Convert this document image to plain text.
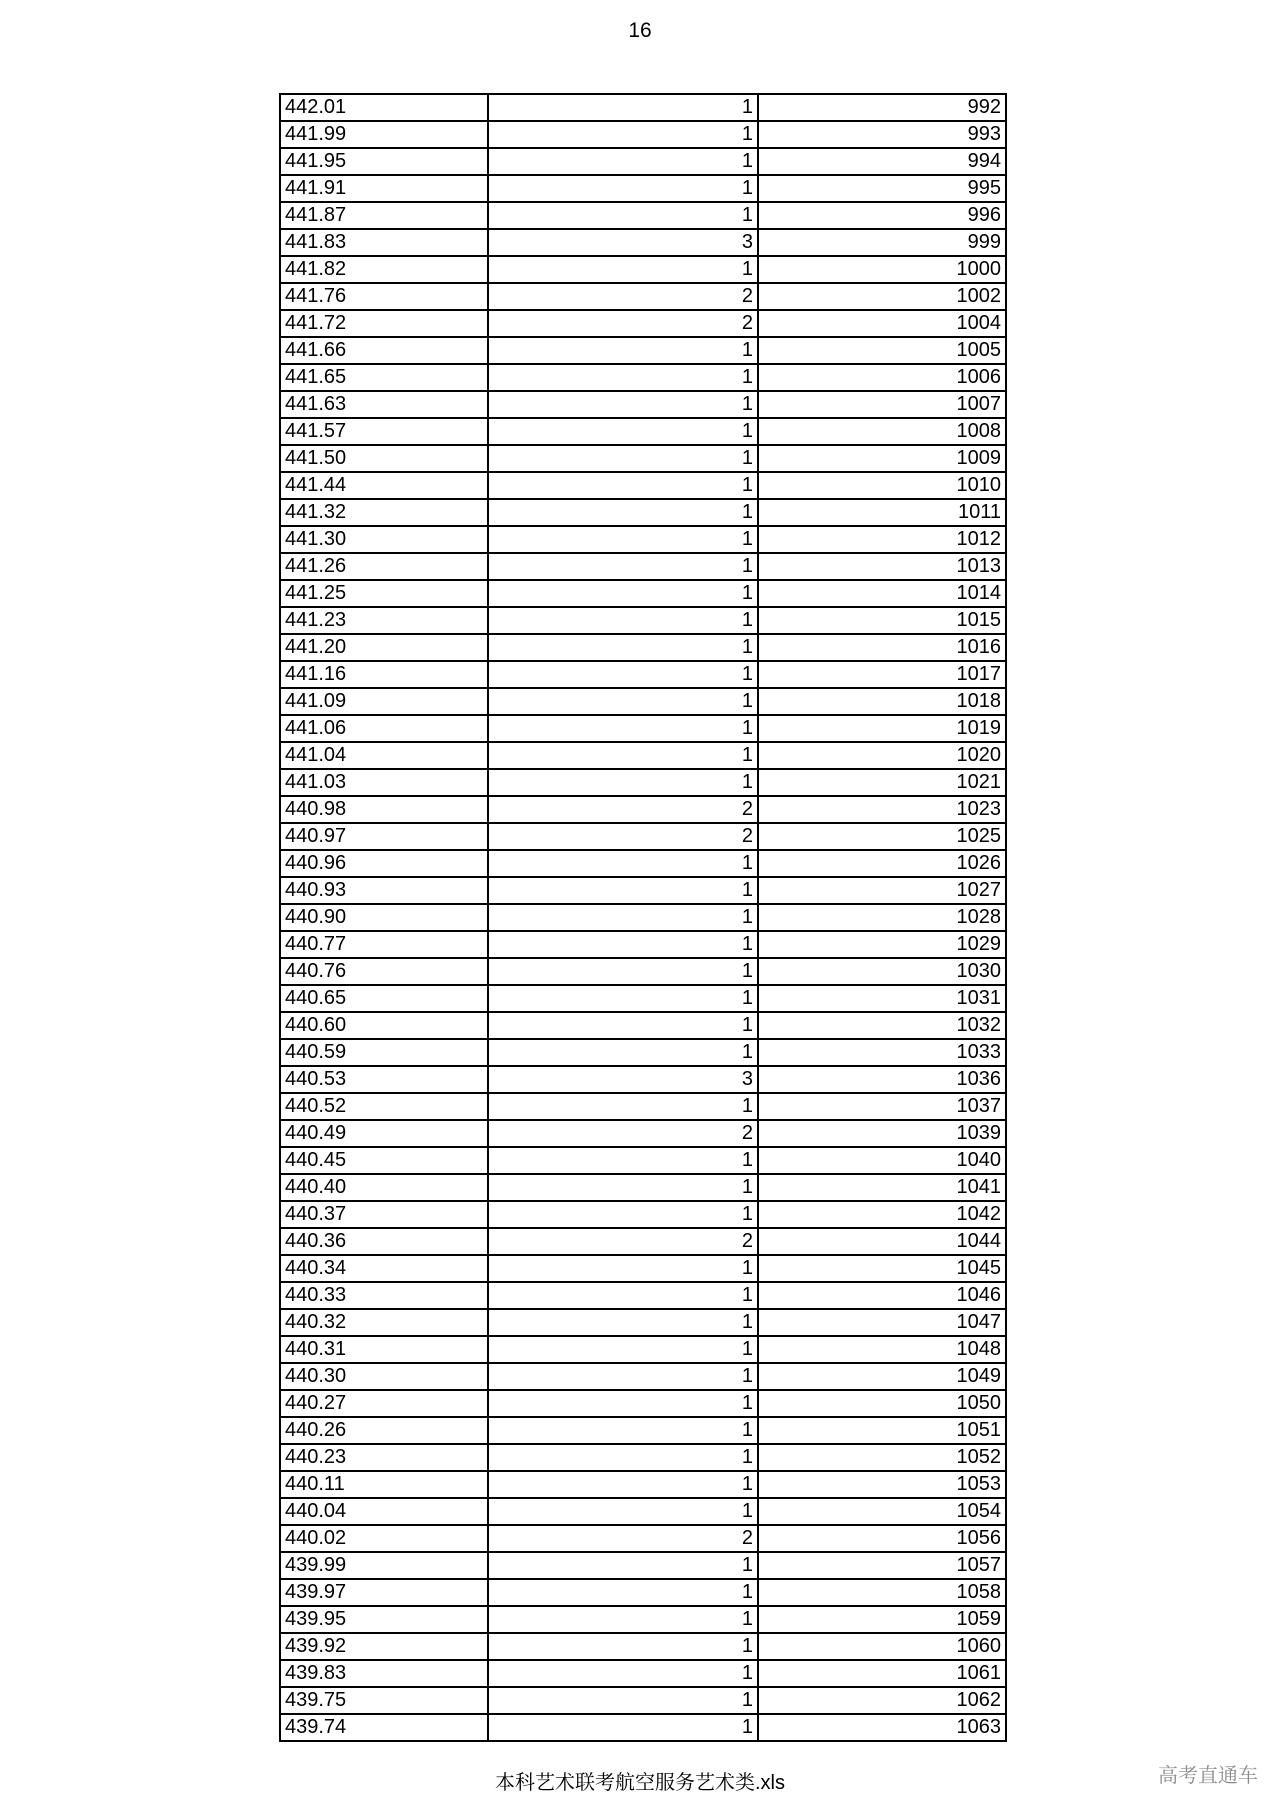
16
442.01	1	992
441.99	1	993
441.95	1	994
441.91	1	995
441.87	1	996
441.83	3	999
441.82	1	1000
441.76	2	1002
441.72	2	1004
441.66	1	1005
441.65	1	1006
441.63	1	1007
441.57	1	1008
441.50	1	1009
441.44	1	1010
441.32	1	1011
441.30	1	1012
441.26	1	1013
441.25	1	1014
441.23	1	1015
441.20	1	1016
441.16	1	1017
441.09	1	1018
441.06	1	1019
441.04	1	1020
441.03	1	1021
440.98	2	1023
440.97	2	1025
440.96	1	1026
440.93	1	1027
440.90	1	1028
440.77	1	1029
440.76	1	1030
440.65	1	1031
440.60	1	1032
440.59	1	1033
440.53	3	1036
440.52	1	1037
440.49	2	1039
440.45	1	1040
440.40	1	1041
440.37	1	1042
440.36	2	1044
440.34	1	1045
440.33	1	1046
440.32	1	1047
440.31	1	1048
440.30	1	1049
440.27	1	1050
440.26	1	1051
440.23	1	1052
440.11	1	1053
440.04	1	1054
440.02	2	1056
439.99	1	1057
439.97	1	1058
439.95	1	1059
439.92	1	1060
439.83	1	1061
439.75	1	1062
439.74	1	1063
本科艺术联考航空服务艺术类.xls	高考直通车
